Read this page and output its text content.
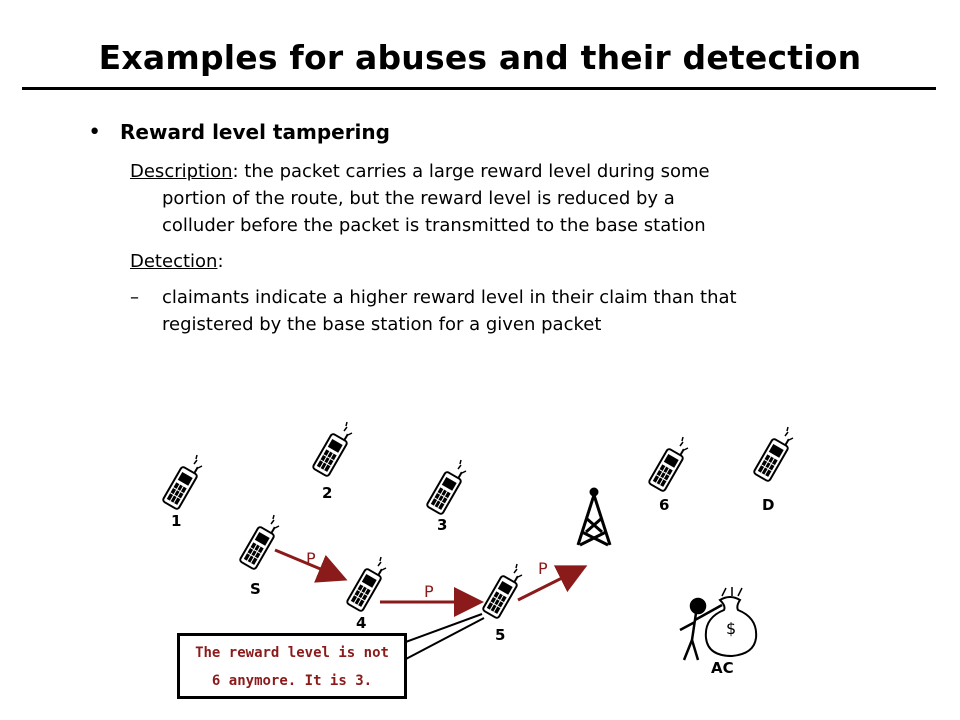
Examples for abuses and their detection
• Reward level tampering
Description: the packet carries a large reward level during some
portion of the route, but the reward level is reduced by a
colluder before the packet is transmitted to the base station
Detection:
– claimants indicate a higher reward level in their claim than that
registered by the base station for a given packet
1
2
3
6	D
S
4
5
AC
P
P
P
$
The reward level is not
6 anymore. It is 3.
